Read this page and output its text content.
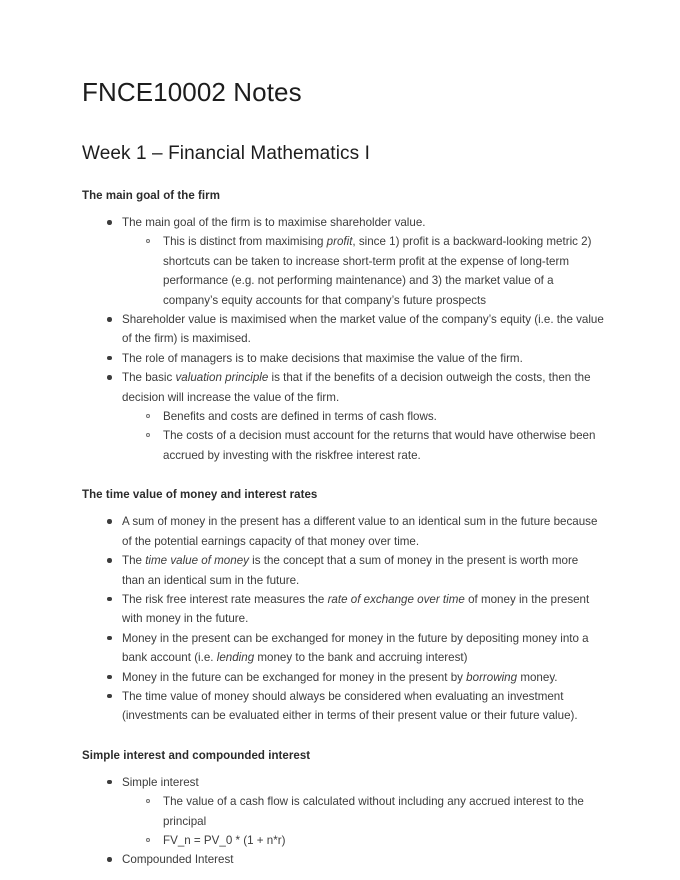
FNCE10002 Notes
Week 1 – Financial Mathematics I
The main goal of the firm
The main goal of the firm is to maximise shareholder value.
This is distinct from maximising profit, since 1) profit is a backward-looking metric 2) shortcuts can be taken to increase short-term profit at the expense of long-term performance (e.g. not performing maintenance) and 3) the market value of a company’s equity accounts for that company’s future prospects
Shareholder value is maximised when the market value of the company’s equity (i.e. the value of the firm) is maximised.
The role of managers is to make decisions that maximise the value of the firm.
The basic valuation principle is that if the benefits of a decision outweigh the costs, then the decision will increase the value of the firm.
Benefits and costs are defined in terms of cash flows.
The costs of a decision must account for the returns that would have otherwise been accrued by investing with the riskfree interest rate.
The time value of money and interest rates
A sum of money in the present has a different value to an identical sum in the future because of the potential earnings capacity of that money over time.
The time value of money is the concept that a sum of money in the present is worth more than an identical sum in the future.
The risk free interest rate measures the rate of exchange over time of money in the present with money in the future.
Money in the present can be exchanged for money in the future by depositing money into a bank account (i.e. lending money to the bank and accruing interest)
Money in the future can be exchanged for money in the present by borrowing money.
The time value of money should always be considered when evaluating an investment (investments can be evaluated either in terms of their present value or their future value).
Simple interest and compounded interest
Simple interest
The value of a cash flow is calculated without including any accrued interest to the principal
FV_n = PV_0 * (1 + n*r)
Compounded Interest
